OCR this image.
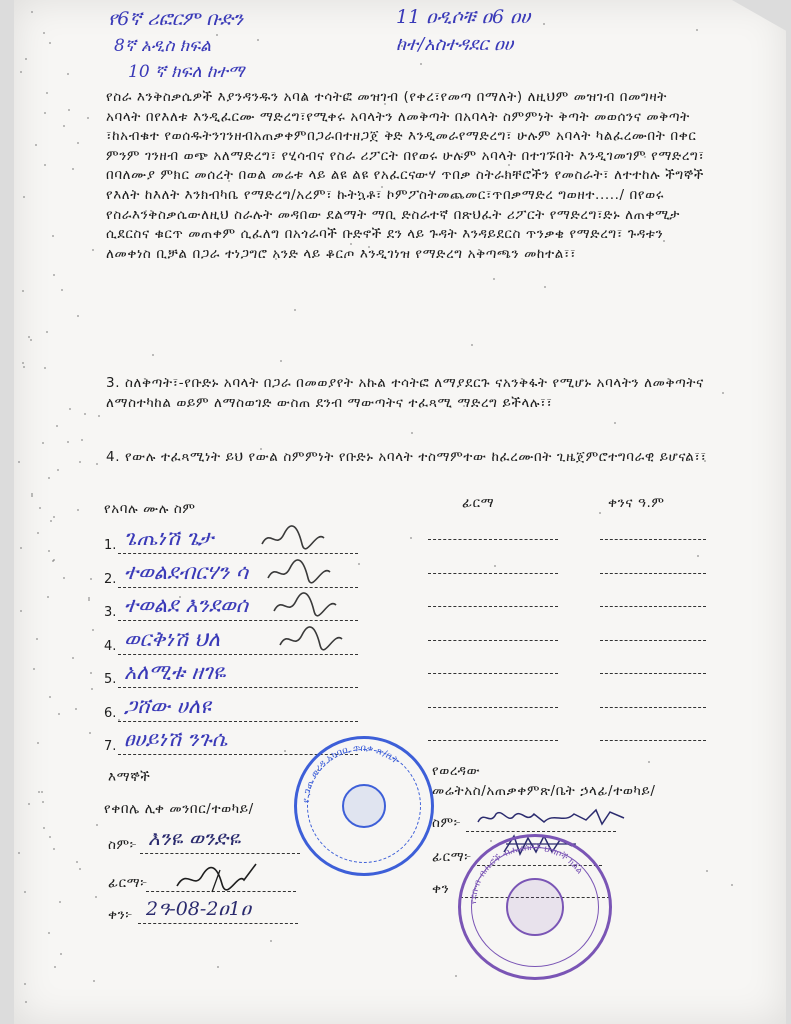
የ6ኛ ሪፎርም ቡድን
8ኛ አዲስ ክፍል
10 ኛ ክፍለ ከተማ
11 ዐዲሶቹ ዐ6 ዐሀ
ከተ/አስተዳደር ዐሀ
የስራ እንቅስቃሴዎች እያንዳንዱን አባል ተሳትፎ መዝገብ (የቀረ፣የመጣ በማለት) ለዚህም መዝገብ በመግዛት አባላት በየእለቱ እንዲፈርሙ ማድረግ፣የሚቀሩ አባላትን ለመቅጣት በአባላት ስምምነት ቅጣት መወሰንና መቅጣት ፣ከአብቁተ የወሰዱትንገንዘብአጠቃቀምበጋራበተዘጋጀ ቅድ እንዲመራየማድረግ፣ ሁሉም አባላት ካልፈረሙበት በቀር ምንም ገንዘብ ወጭ አለማድረግ፣ የሂሳብና የስራ ሪፖርት በየወሩ ሁሉም አባላት በተገኙበት እንዲገመገም የማድረግ፣ በባለሙያ ምክር መሰረት በወል መሬቱ ላይ ልዩ ልዩ የአፈርናውሃ ጥበቃ ስትራክቸሮችን የመስራት፣ ለተተከሉ ችግኞች የእለት ከእለት እንክብካቤ የማድረግ/አረም፣ ኩትኳቶ፣ ኮምፖስትመጨመር፣ጥበቃማድረ ግወዘተ...../ በየወሩ የስራእንቅስቃሴውለዚህ ስራሉት መዳበው ደልማት ማቢ ድስራተኛ በጽህፈት ሪፖርት የማድረግ፣ድኑ ለጠቀሚታ ሲደርስና ቁርጥ መጠቀም ሲፈለግ በአጎራባች ቡድኖች ደን ላይ ጉዳት እንዳይደርስ ጥንቃቄ የማድረግ፣ ጉዳቱን ለመቀነስ ቢቻል በጋራ ተነጋግሮ አንድ ላይ ቆርጦ እንዲገነዝ የማድረግ አቅጣጫን መከተል፣፣
3. ስለቅጣት፣-የቡድኑ አባላት በጋራ በመወያየት አኩል ተሳትፎ ለማያደርጉ ናአንቅፋት የሚሆኑ አባላትን ለመቅጣትና ለማስተካከል ወይም ለማስወገድ ውስጠ ደንብ ማውጣትና ተፈጻሚ ማድረግ ይችላሉ፣፣
4. የውሉ ተፈጻሚነት ይህ የውል ስምምነት የቡድኑ አባላት ተስማምተው ከፈረሙበት ጊዜጀምሮተግባራዊ ይሆናል፣፣
የአባሉ ሙሉ ስም	ፊርማ	ቀንና ዓ.ም
1. ጌጤነሽ ጌታ
2. ተወልደብርሃን ሳ
3. ተወልደ እንደወሰ
4. ወርቅነሽ ህለ
5. አለሚቱ ዘገዬ
6. ጋሸው ሀለዩ
7. ፀሀይነሽ ንጉሴ
እማኞች
የቀበሌ ሊቀ መንበር/ተወካይ/
ስም፦ እንዬ ወንድዬ
ፊርማ፦
ቀን፦ 2ዓ-08-2ዐ1ዐ
የወረዳው
መሬትአስ/አጠቃቀምጽ/ቤት ኃላፊ/ተወካይ/
ስም፦
ፊርማ፦
ቀን
የ ጋጤ ወረዳ አካባቢ ጥበቃ ጽ/ቤት
የደቡብ ብሔሮች ብሔረሰቦች ህዝቦች ክልል
